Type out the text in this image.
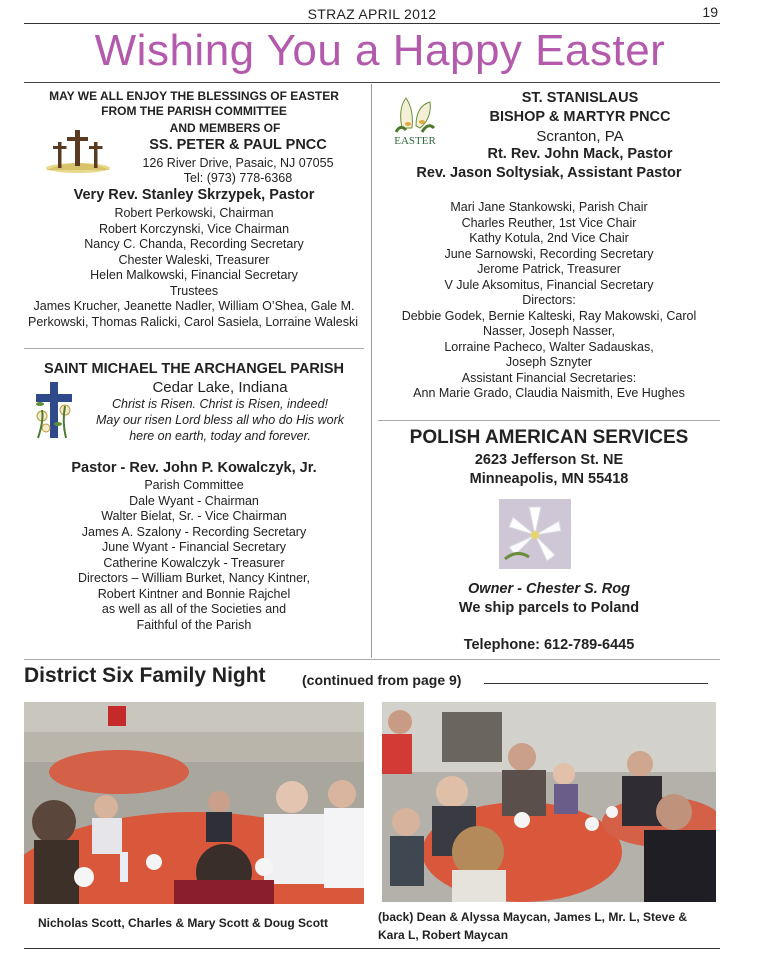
STRAZ APRIL 2012	19
Wishing You a Happy Easter
MAY WE ALL ENJOY THE BLESSINGS OF EASTER
FROM THE PARISH COMMITTEE
AND MEMBERS OF
SS. PETER & PAUL PNCC
126 River Drive, Pasaic, NJ 07055
Tel: (973) 778-6368
Very Rev. Stanley Skrzypek, Pastor
Robert Perkowski, Chairman
Robert Korczynski, Vice Chairman
Nancy C. Chanda, Recording Secretary
Chester Waleski, Treasurer
Helen Malkowski, Financial Secretary
Trustees
James Krucher, Jeanette Nadler, William O’Shea, Gale M.
Perkowski, Thomas Ralicki, Carol Sasiela, Lorraine Waleski
SAINT MICHAEL THE ARCHANGEL PARISH
Cedar Lake, Indiana
Christ is Risen. Christ is Risen, indeed!
May our risen Lord bless all who do His work
here on earth, today and forever.
Pastor - Rev. John P. Kowalczyk, Jr.
Parish Committee
Dale Wyant - Chairman
Walter Bielat, Sr. - Vice Chairman
James A. Szalony - Recording Secretary
June Wyant - Financial Secretary
Catherine Kowalczyk - Treasurer
Directors – William Burket, Nancy Kintner,
Robert Kintner and Bonnie Rajchel
as well as all of the Societies and
Faithful of the Parish
EASTER
ST. STANISLAUS
BISHOP & MARTYR PNCC
Scranton, PA
Rt. Rev. John Mack, Pastor
Rev. Jason Soltysiak, Assistant Pastor
Mari Jane Stankowski, Parish Chair
Charles Reuther, 1st Vice Chair
Kathy Kotula, 2nd Vice Chair
June Sarnowski, Recording Secretary
Jerome Patrick, Treasurer
V Jule Aksomitus, Financial Secretary
Directors:
Debbie Godek, Bernie Kalteski, Ray Makowski, Carol
Nasser, Joseph Nasser,
Lorraine Pacheco, Walter Sadauskas,
Joseph Sznyter
Assistant Financial Secretaries:
Ann Marie Grado, Claudia Naismith, Eve Hughes
POLISH AMERICAN SERVICES
2623 Jefferson St. NE
Minneapolis, MN 55418
Owner - Chester S. Rog
We ship parcels to Poland
Telephone: 612-789-6445
District Six Family Night	(continued from page 9)
Nicholas Scott, Charles & Mary Scott & Doug Scott	(back) Dean & Alyssa Maycan, James L, Mr. L, Steve &
Kara L, Robert Maycan
